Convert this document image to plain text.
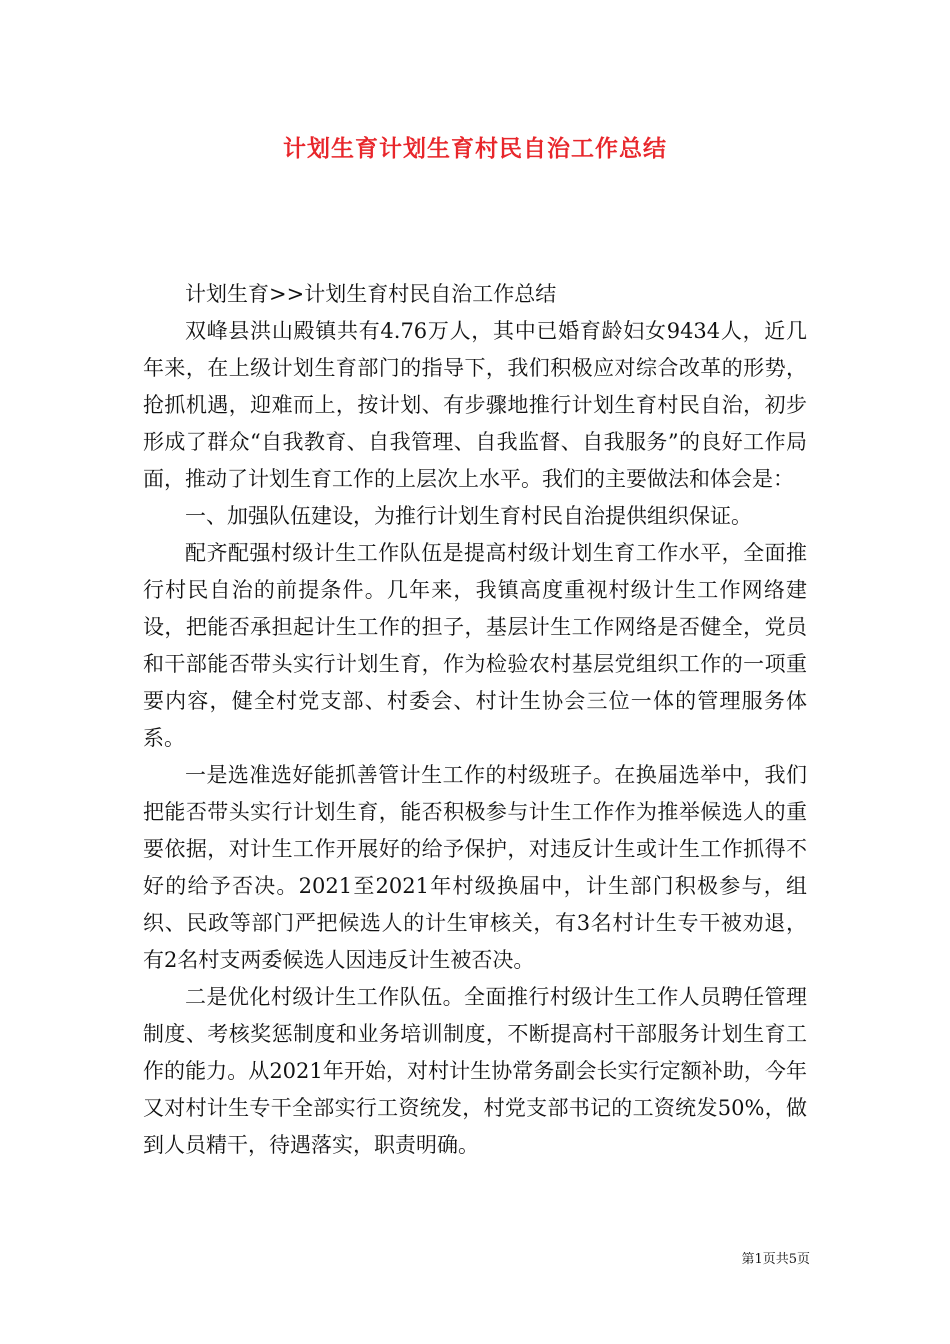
计划生育计划生育村民自治工作总结

计划生育>>计划生育村民自治工作总结

双峰县洪山殿镇共有4.76万人，其中已婚育龄妇女9434人，近几年来，在上级计划生育部门的指导下，我们积极应对综合改革的形势，抢抓机遇，迎难而上，按计划、有步骤地推行计划生育村民自治，初步形成了群众“自我教育、自我管理、自我监督、自我服务”的良好工作局面，推动了计划生育工作的上层次上水平。我们的主要做法和体会是：

一、加强队伍建设，为推行计划生育村民自治提供组织保证。

配齐配强村级计生工作队伍是提高村级计划生育工作水平，全面推行村民自治的前提条件。几年来，我镇高度重视村级计生工作网络建设，把能否承担起计生工作的担子，基层计生工作网络是否健全，党员和干部能否带头实行计划生育，作为检验农村基层党组织工作的一项重要内容，健全村党支部、村委会、村计生协会三位一体的管理服务体系。

一是选准选好能抓善管计生工作的村级班子。在换届选举中，我们把能否带头实行计划生育，能否积极参与计生工作作为推举候选人的重要依据，对计生工作开展好的给予保护，对违反计生或计生工作抓得不好的给予否决。2021至2021年村级换届中，计生部门积极参与，组织、民政等部门严把候选人的计生审核关，有3名村计生专干被劝退，有2名村支两委候选人因违反计生被否决。

二是优化村级计生工作队伍。全面推行村级计生工作人员聘任管理制度、考核奖惩制度和业务培训制度，不断提高村干部服务计划生育工作的能力。从2021年开始，对村计生协常务副会长实行定额补助，今年又对村计生专干全部实行工资统发，村党支部书记的工资统发50%，做到人员精干，待遇落实，职责明确。

第1页共5页
